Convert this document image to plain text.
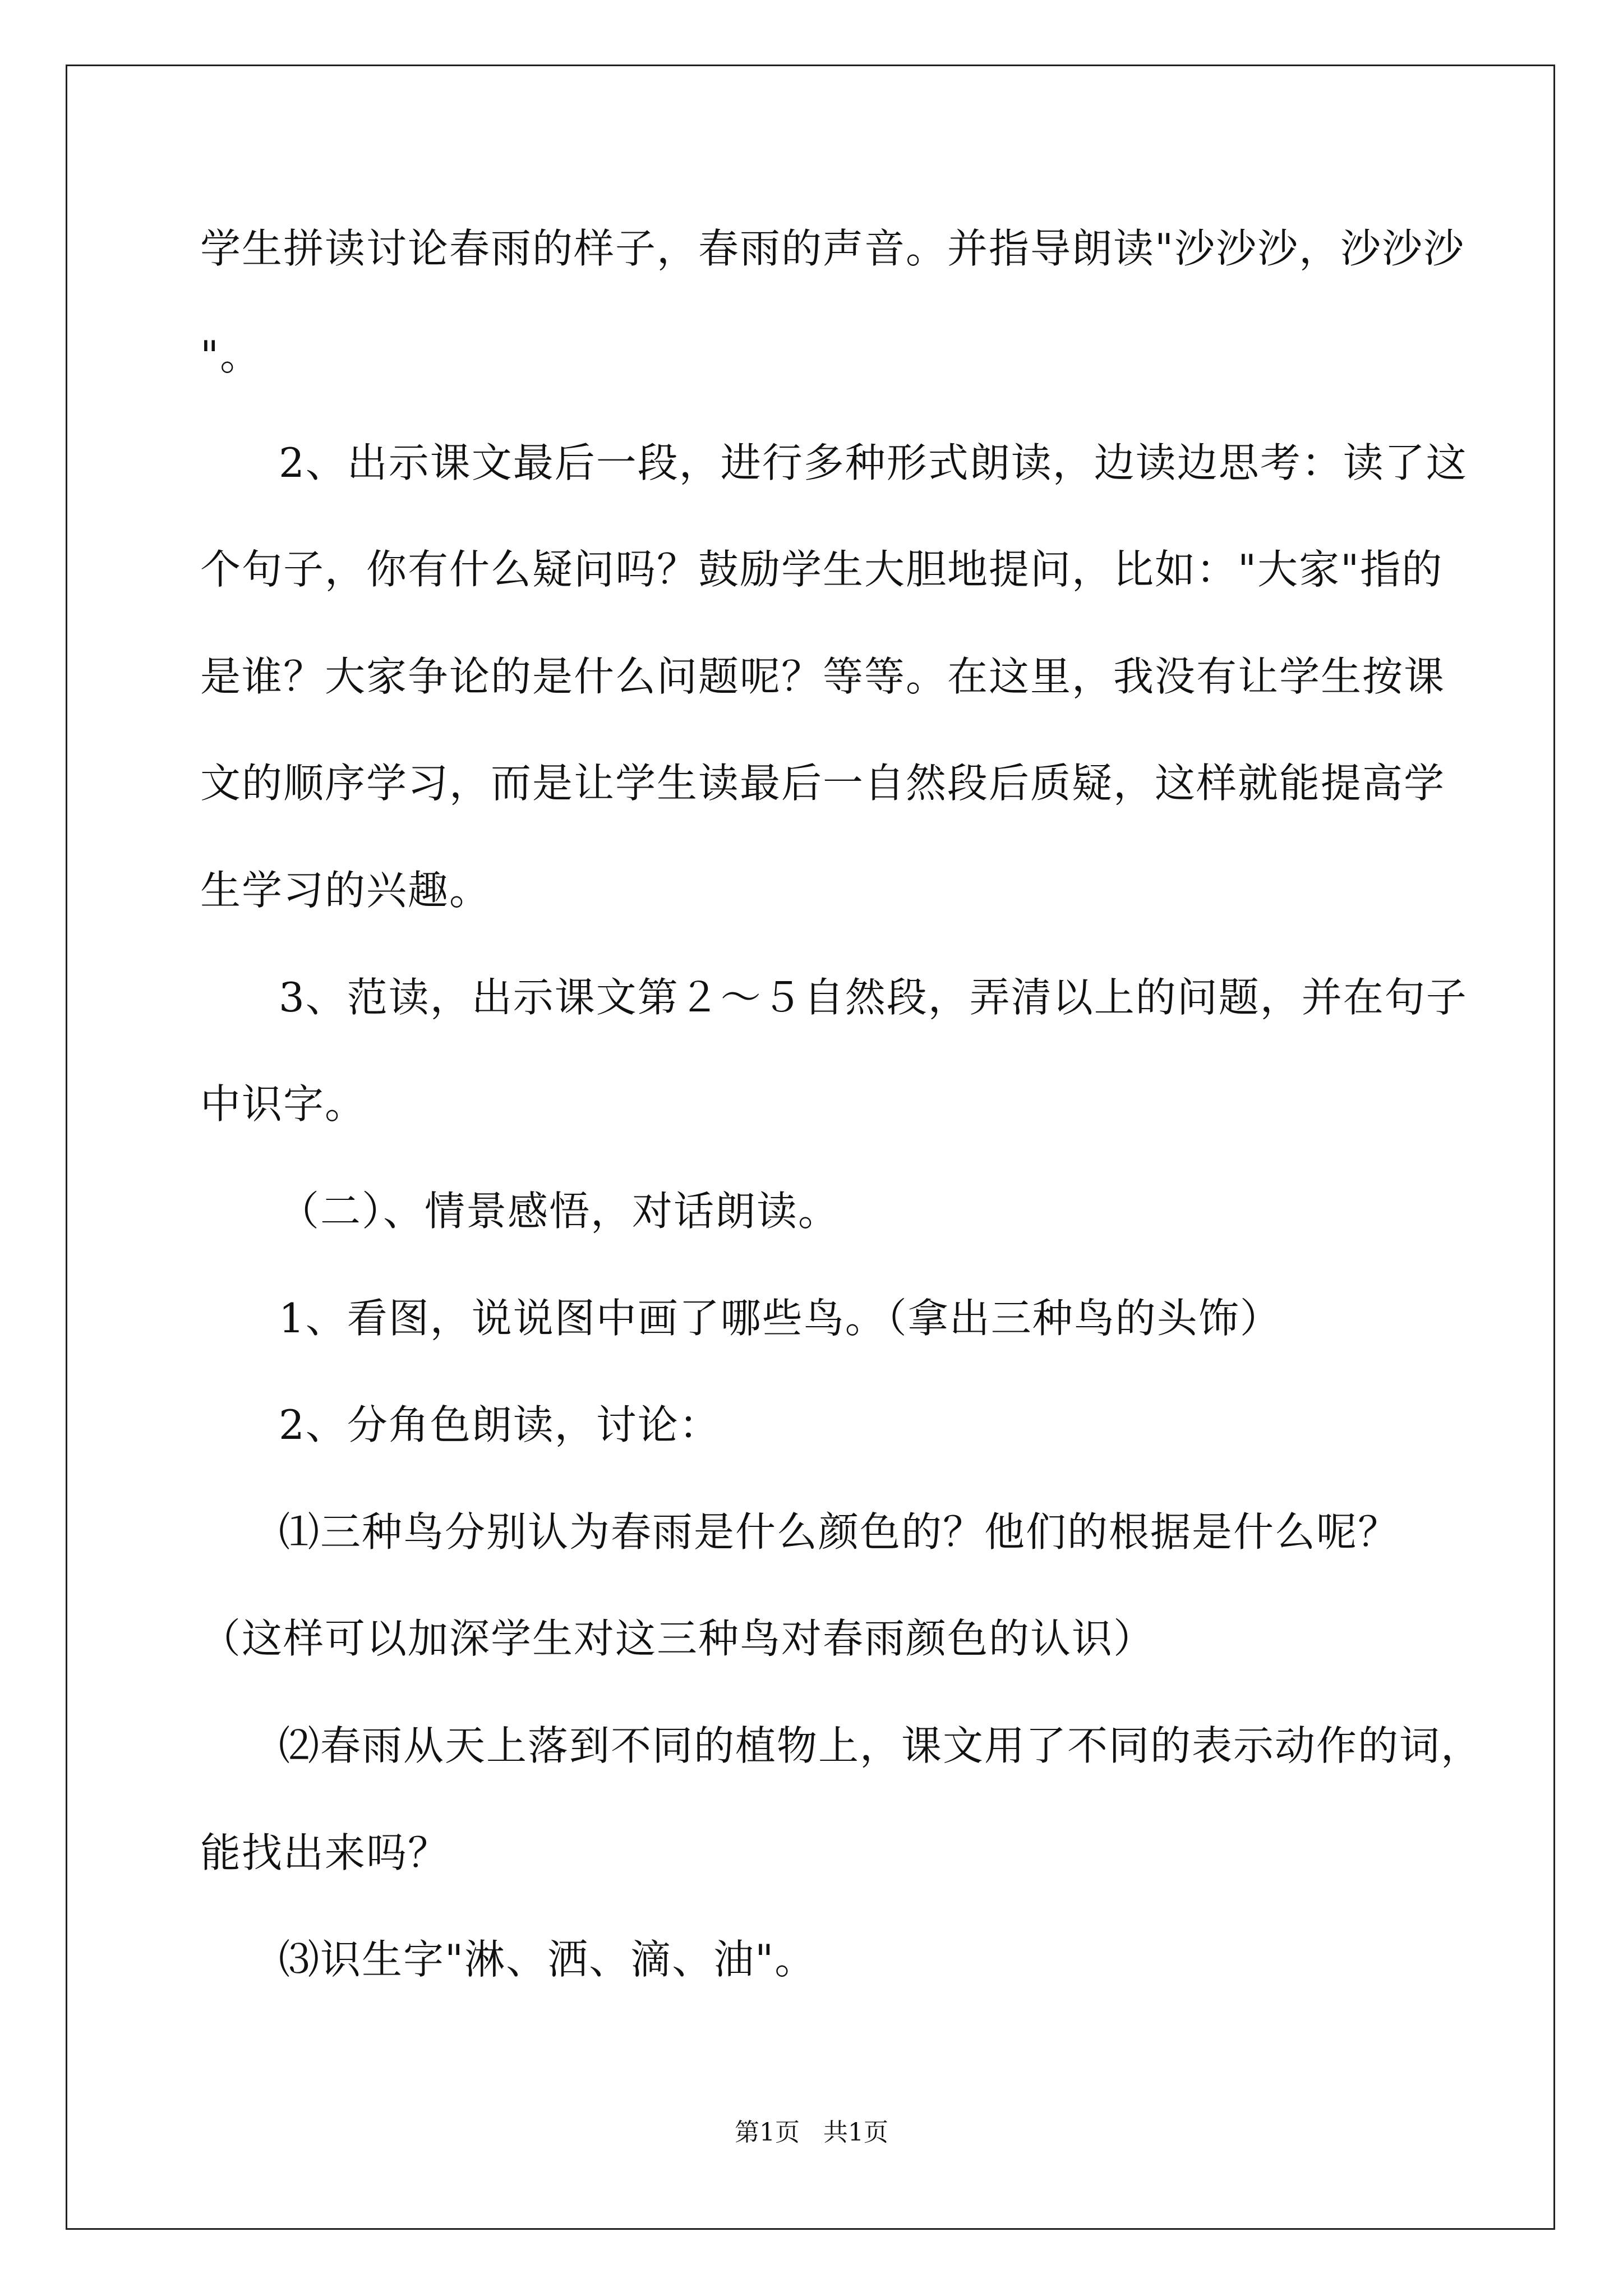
学生拼读讨论春雨的样子，春雨的声音。并指导朗读"沙沙沙，沙沙沙
"。
2、出示课文最后一段，进行多种形式朗读，边读边思考：读了这
个句子，你有什么疑问吗？鼓励学生大胆地提问，比如："大家"指的
是谁？大家争论的是什么问题呢？等等。在这里，我没有让学生按课
文的顺序学习，而是让学生读最后一自然段后质疑，这样就能提高学
生学习的兴趣。
3、范读，出示课文第２～５自然段，弄清以上的问题，并在句子
中识字。
（二）、情景感悟，对话朗读。
1、看图，说说图中画了哪些鸟。（拿出三种鸟的头饰）
2、分角色朗读，讨论：
⑴三种鸟分别认为春雨是什么颜色的？他们的根据是什么呢？
（这样可以加深学生对这三种鸟对春雨颜色的认识）
⑵春雨从天上落到不同的植物上，课文用了不同的表示动作的词，
能找出来吗？
⑶识生字"淋、洒、滴、油"。
第1页   共1页
